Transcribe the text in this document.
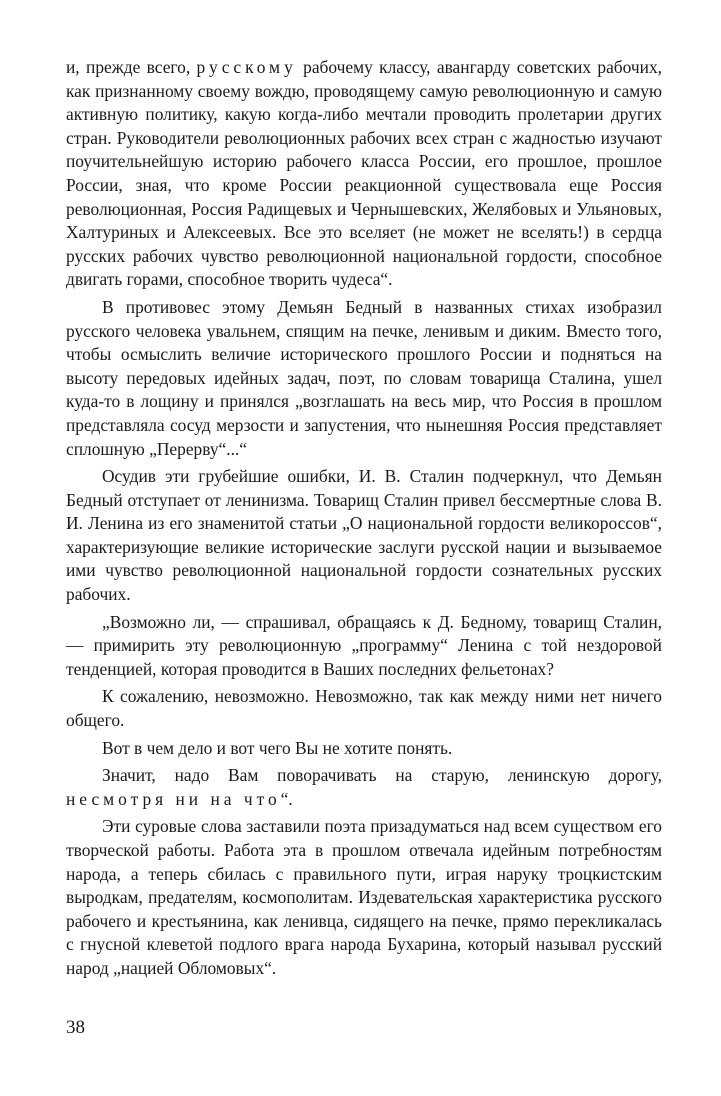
и, прежде всего, русскому рабочему классу, авангарду советских рабочих, как признанному своему вождю, проводящему самую революционную и самую активную политику, какую когда-либо мечтали проводить пролетарии других стран. Руководители революционных рабочих всех стран с жадностью изучают поучительнейшую историю рабочего класса России, его прошлое, прошлое России, зная, что кроме России реакционной существовала еще Россия революционная, Россия Радищевых и Чернышевских, Желябовых и Ульяновых, Халтуриных и Алексеевых. Все это вселяет (не может не вселять!) в сердца русских рабочих чувство революционной национальной гордости, способное двигать горами, способное творить чудеса“.

В противовес этому Демьян Бедный в названных стихах изобразил русского человека увальнем, спящим на печке, ленивым и диким. Вместо того, чтобы осмыслить величие исторического прошлого России и подняться на высоту передовых идейных задач, поэт, по словам товарища Сталина, ушел куда-то в лощину и принялся „возглашать на весь мир, что Россия в прошлом представляла сосуд мерзости и запустения, что нынешняя Россия представляет сплошную „Перерву“...“

Осудив эти грубейшие ошибки, И. В. Сталин подчеркнул, что Демьян Бедный отступает от ленинизма. Товарищ Сталин привел бессмертные слова В. И. Ленина из его знаменитой статьи „О национальной гордости великороссов“, характеризующие великие исторические заслуги русской нации и вызываемое ими чувство революционной национальной гордости сознательных русских рабочих.

„Возможно ли, — спрашивал, обращаясь к Д. Бедному, товарищ Сталин, — примирить эту революционную „программу“ Ленина с той нездоровой тенденцией, которая проводится в Ваших последних фельетонах?

К сожалению, невозможно. Невозможно, так как между ними нет ничего общего.

Вот в чем дело и вот чего Вы не хотите понять.

Значит, надо Вам поворачивать на старую, ленинскую дорогу, несмотря ни на что“.

Эти суровые слова заставили поэта призадуматься над всем существом его творческой работы. Работа эта в прошлом отвечала идейным потребностям народа, а теперь сбилась с правильного пути, играя наруку троцкистским выродкам, предателям, космополитам. Издевательская характеристика русского рабочего и крестьянина, как ленивца, сидящего на печке, прямо перекликалась с гнусной клеветой подлого врага народа Бухарина, который называл русский народ „нацией Обломовых“.

38
